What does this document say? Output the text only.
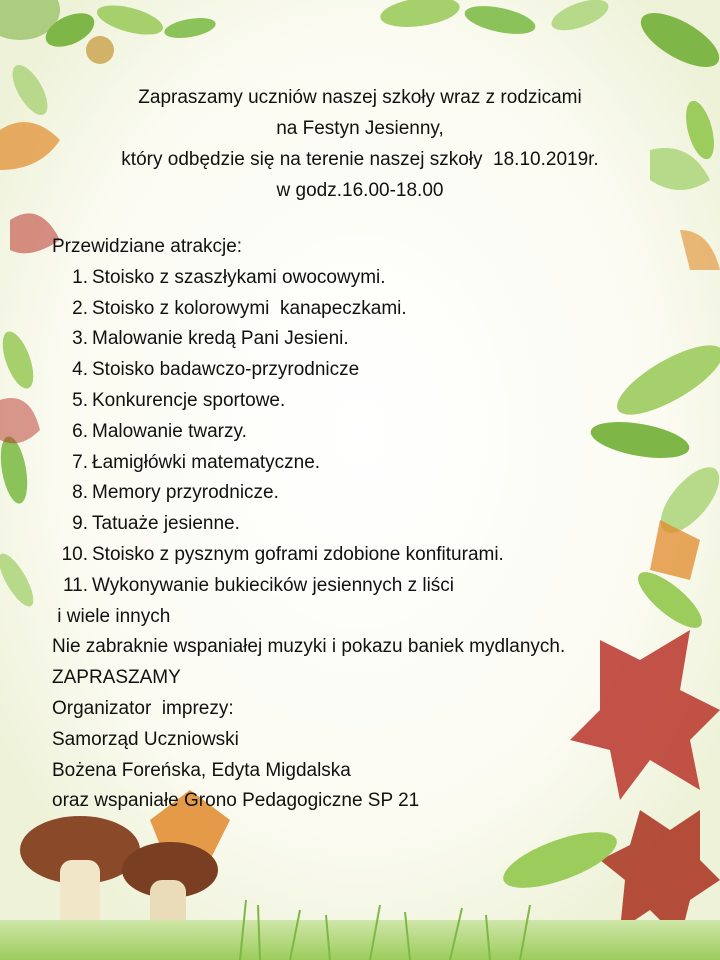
Zapraszamy uczniów naszej szkoły wraz z rodzicami
na Festyn Jesienny,
który odbędzie się na terenie naszej szkoły  18.10.2019r.
w godz.16.00-18.00
Przewidziane atrakcje:
1. Stoisko z szaszłykami owocowymi.
2. Stoisko z kolorowymi  kanapeczkami.
3. Malowanie kredą Pani Jesieni.
4. Stoisko badawczo-przyrodnicze
5. Konkurencje sportowe.
6. Malowanie twarzy.
7. Łamigłówki matematyczne.
8. Memory przyrodnicze.
9. Tatuaże jesienne.
10. Stoisko z pysznym goframi zdobione konfiturami.
11. Wykonywanie bukiecików jesiennych z liści
i wiele innych
Nie zabraknie wspaniałej muzyki i pokazu baniek mydlanych.
ZAPRASZAMY
Organizator  imprezy:
Samorząd Uczniowski
Bożena Foreńska, Edyta Migdalska
oraz wspaniałe Grono Pedagogiczne SP 21
